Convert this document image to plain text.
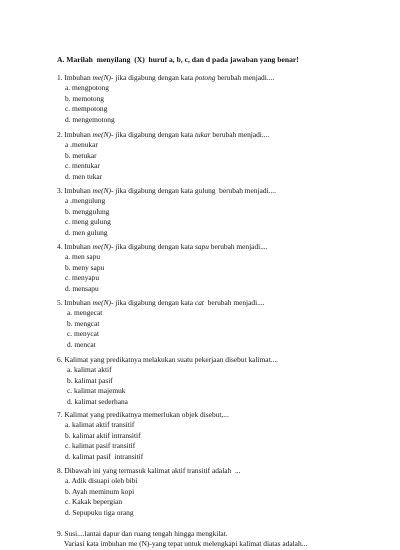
A. Marilah  menyilang  (X)  huruf a, b, c, dan d pada jawaban yang benar!
1. Imbuhan me(N)- jika digabung dengan kata potong berubah menjadi....
a. mengpotong
b. memotong
c. mempotong
d. mengemotong
2. Imbuhan me(N)- jika digabung dengan kata tukar berubah menjadi....
a .menukar
b. metukar
c. mentukar
d. men tukar
3. Imbuhan me(N)- jika digabung dengan kata gulung  berubah menjadi....
a .mengulung
b. menggulung
c. meng gulung
d. men gulung
4. Imbuhan me(N)- jika digabung dengan kata sapu berubah menjadi....
a. men sapu
b. meny sapu
c. menyapu
d. mensapu
5. Imbuhan me(N)- jika digabung dengan kata cat  berubah menjadi....
a. mengecat
b. mengcat
c. menycat
d. mencat
6. Kalimat yang predikatnya melakukan suatu pekerjaan disebut kalimat....
a. kalimat aktif
b. kalimat pasif
c. kalimat majemuk
d. kalimat sederhana
7. Kalimat yang predikatnya memerlukan objek disebut,...
a. kalimat aktif transitif
b. kalimat aktif intransitif
c. kalimat pasif transitif
d. kalimat pasif  intransitif
8. Dibawah ini yang termasuk kalimat aktif transitif adalah  ...
a. Adik disuapi oleh bibi
b. Ayah meminum kopi
c. Kakak bepergian
d. Sepupuku tiga orang
9. Susi....lantai dapur dan ruang tengah hingga mengkilat.
Variasi kata imbuhan me (N)-yang tepat untuk melengkapi kalimat diatas adalah...
